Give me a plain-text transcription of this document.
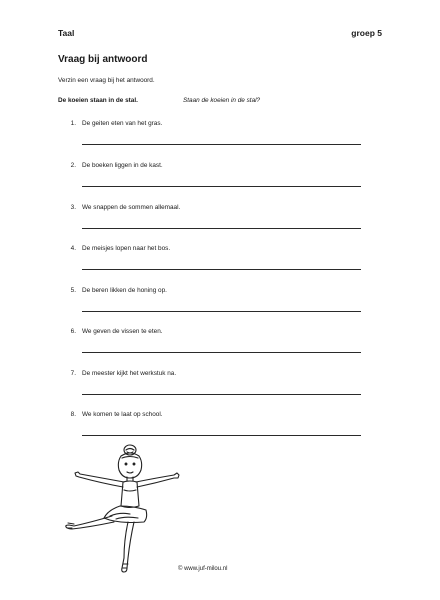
Taal	groep 5
Vraag bij antwoord
Verzin een vraag bij het antwoord.
De koeien staan in de stal.	Staan de koeien in de stal?
1. De geiten eten van het gras.
2. De boeken liggen in de kast.
3. We snappen de sommen allemaal.
4. De meisjes lopen naar het bos.
5. De beren likken de honing op.
6. We geven de vissen te eten.
7. De meester kijkt het werkstuk na.
8. We komen te laat op school.
© www.juf-milou.nl
